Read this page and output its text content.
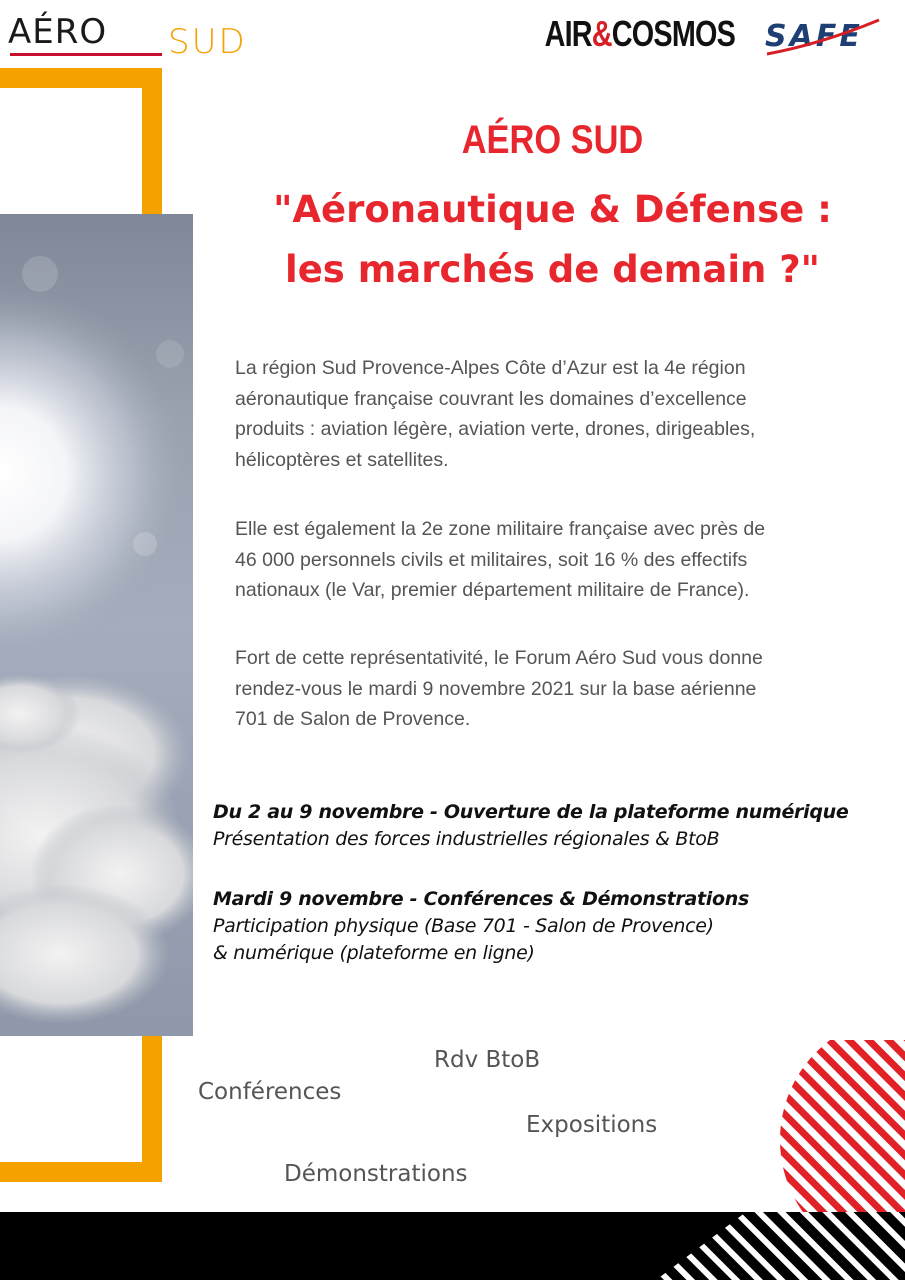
AÉRO SUD	AIR&COSMOS SAFE
AÉRO SUD
"Aéronautique & Défense :
les marchés de demain ?"
La région Sud Provence-Alpes Côte d’Azur est la 4e région
aéronautique française couvrant les domaines d’excellence
produits : aviation légère, aviation verte, drones, dirigeables,
hélicoptères et satellites.
Elle est également la 2e zone militaire française avec près de
46 000 personnels civils et militaires, soit 16 % des effectifs
nationaux (le Var, premier département militaire de France).
Fort de cette représentativité, le Forum Aéro Sud vous donne
rendez-vous le mardi 9 novembre 2021 sur la base aérienne
701 de Salon de Provence.
Du 2 au 9 novembre - Ouverture de la plateforme numérique
Présentation des forces industrielles régionales & BtoB
Mardi 9 novembre - Conférences & Démonstrations
Participation physique (Base 701 - Salon de Provence)
& numérique (plateforme en ligne)
Rdv BtoB
Conférences
Expositions
Démonstrations
